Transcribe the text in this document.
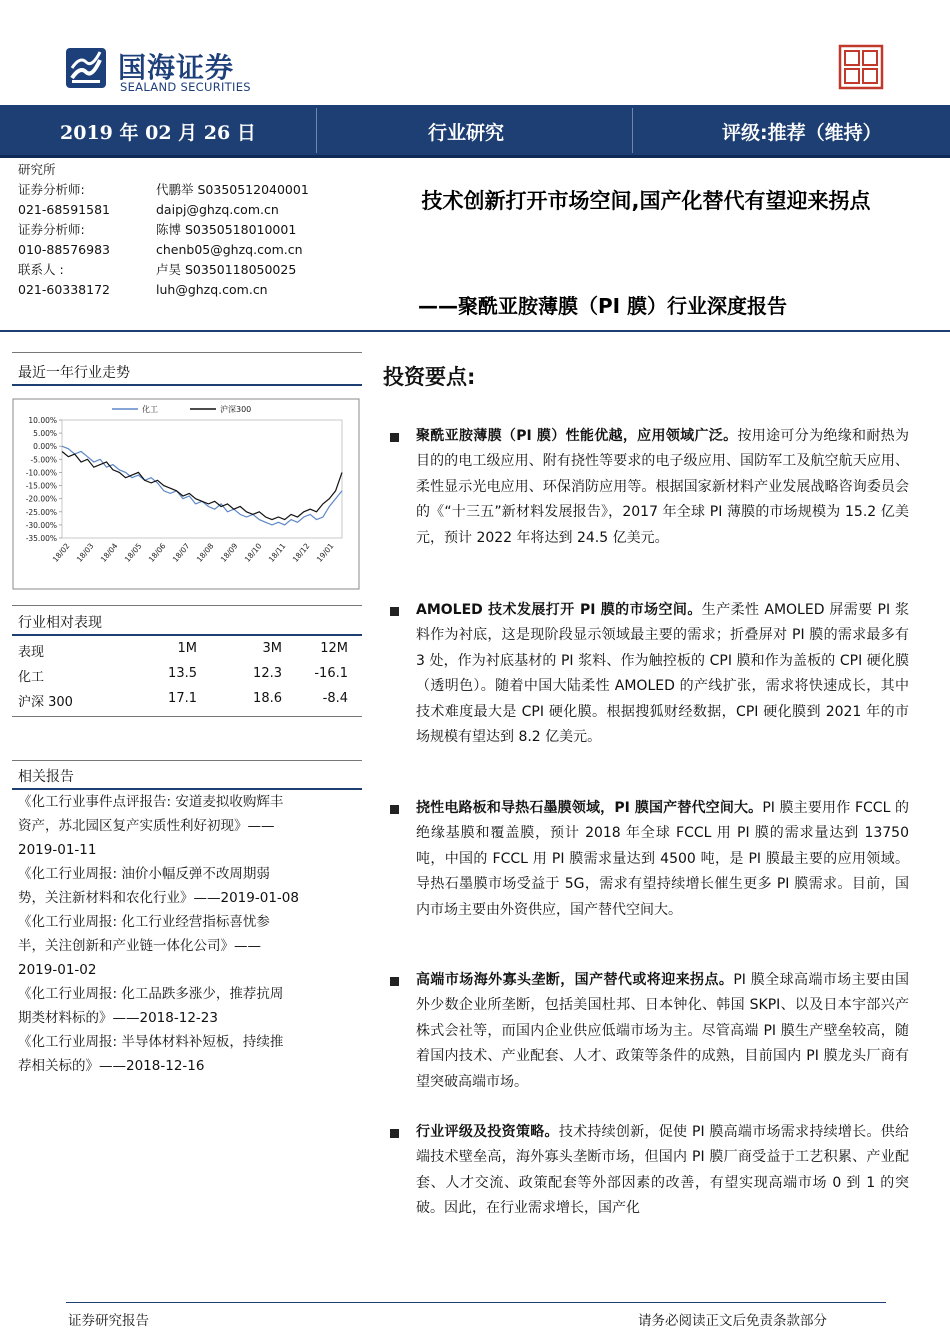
国海证券
SEALAND SECURITIES
2019 年 02 月 26 日	行业研究	评级:推荐（维持）
研究所
证券分析师:	代鹏举 S0350512040001
021-68591581	daipj@ghzq.com.cn
证券分析师:	陈博 S0350518010001
010-88576983	chenb05@ghzq.com.cn
联系人 :	卢昊 S0350118050025
021-60338172	luh@ghzq.com.cn
技术创新打开市场空间,国产化替代有望迎来拐点
——聚酰亚胺薄膜（PI 膜）行业深度报告
最近一年行业走势
10.00%
5.00%
0.00%
-5.00%
-10.00%
-15.00%
-20.00%
-25.00%
-30.00%
-35.00%
18/02 18/03 18/04 18/05 18/06 18/07 18/08 18/09 18/10 18/11 18/12 19/01
化工	沪深300
行业相对表现
表现	1M	3M	12M
化工	13.5	12.3	-16.1
沪深 300	17.1	18.6	-8.4
相关报告
《化工行业事件点评报告: 安道麦拟收购辉丰
资产，苏北园区复产实质性利好初现》——
2019-01-11
《化工行业周报: 油价小幅反弹不改周期弱
势，关注新材料和农化行业》——2019-01-08
《化工行业周报: 化工行业经营指标喜忧参
半，关注创新和产业链一体化公司》——
2019-01-02
《化工行业周报: 化工品跌多涨少，推荐抗周
期类材料标的》——2018-12-23
《化工行业周报: 半导体材料补短板，持续推
荐相关标的》——2018-12-16
投资要点:
聚酰亚胺薄膜（PI 膜）性能优越，应用领域广泛。按用途可分为绝缘和耐热为目的的电工级应用、附有挠性等要求的电子级应用、国防军工及航空航天应用、柔性显示光电应用、环保消防应用等。根据国家新材料产业发展战略咨询委员会的《“十三五”新材料发展报告》，2017 年全球 PI 薄膜的市场规模为 15.2 亿美元，预计 2022 年将达到 24.5 亿美元。
AMOLED 技术发展打开 PI 膜的市场空间。生产柔性 AMOLED 屏需要 PI 浆料作为衬底，这是现阶段显示领域最主要的需求；折叠屏对 PI 膜的需求最多有 3 处，作为衬底基材的 PI 浆料、作为触控板的 CPI 膜和作为盖板的 CPI 硬化膜（透明色）。随着中国大陆柔性 AMOLED 的产线扩张，需求将快速成长，其中技术难度最大是 CPI 硬化膜。根据搜狐财经数据，CPI 硬化膜到 2021 年的市场规模有望达到 8.2 亿美元。
挠性电路板和导热石墨膜领域，PI 膜国产替代空间大。PI 膜主要用作 FCCL 的绝缘基膜和覆盖膜，预计 2018 年全球 FCCL 用 PI 膜的需求量达到 13750 吨，中国的 FCCL 用 PI 膜需求量达到 4500 吨，是 PI 膜最主要的应用领域。导热石墨膜市场受益于 5G，需求有望持续增长催生更多 PI 膜需求。目前，国内市场主要由外资供应，国产替代空间大。
高端市场海外寡头垄断，国产替代或将迎来拐点。PI 膜全球高端市场主要由国外少数企业所垄断，包括美国杜邦、日本钟化、韩国 SKPI、以及日本宇部兴产株式会社等，而国内企业供应低端市场为主。尽管高端 PI 膜生产壁垒较高，随着国内技术、产业配套、人才、政策等条件的成熟，目前国内 PI 膜龙头厂商有望突破高端市场。
行业评级及投资策略。技术持续创新，促使 PI 膜高端市场需求持续增长。供给端技术壁垒高，海外寡头垄断市场，但国内 PI 膜厂商受益于工艺积累、产业配套、人才交流、政策配套等外部因素的改善，有望实现高端市场 0 到 1 的突破。因此，在行业需求增长，国产化
证券研究报告	请务必阅读正文后免责条款部分
